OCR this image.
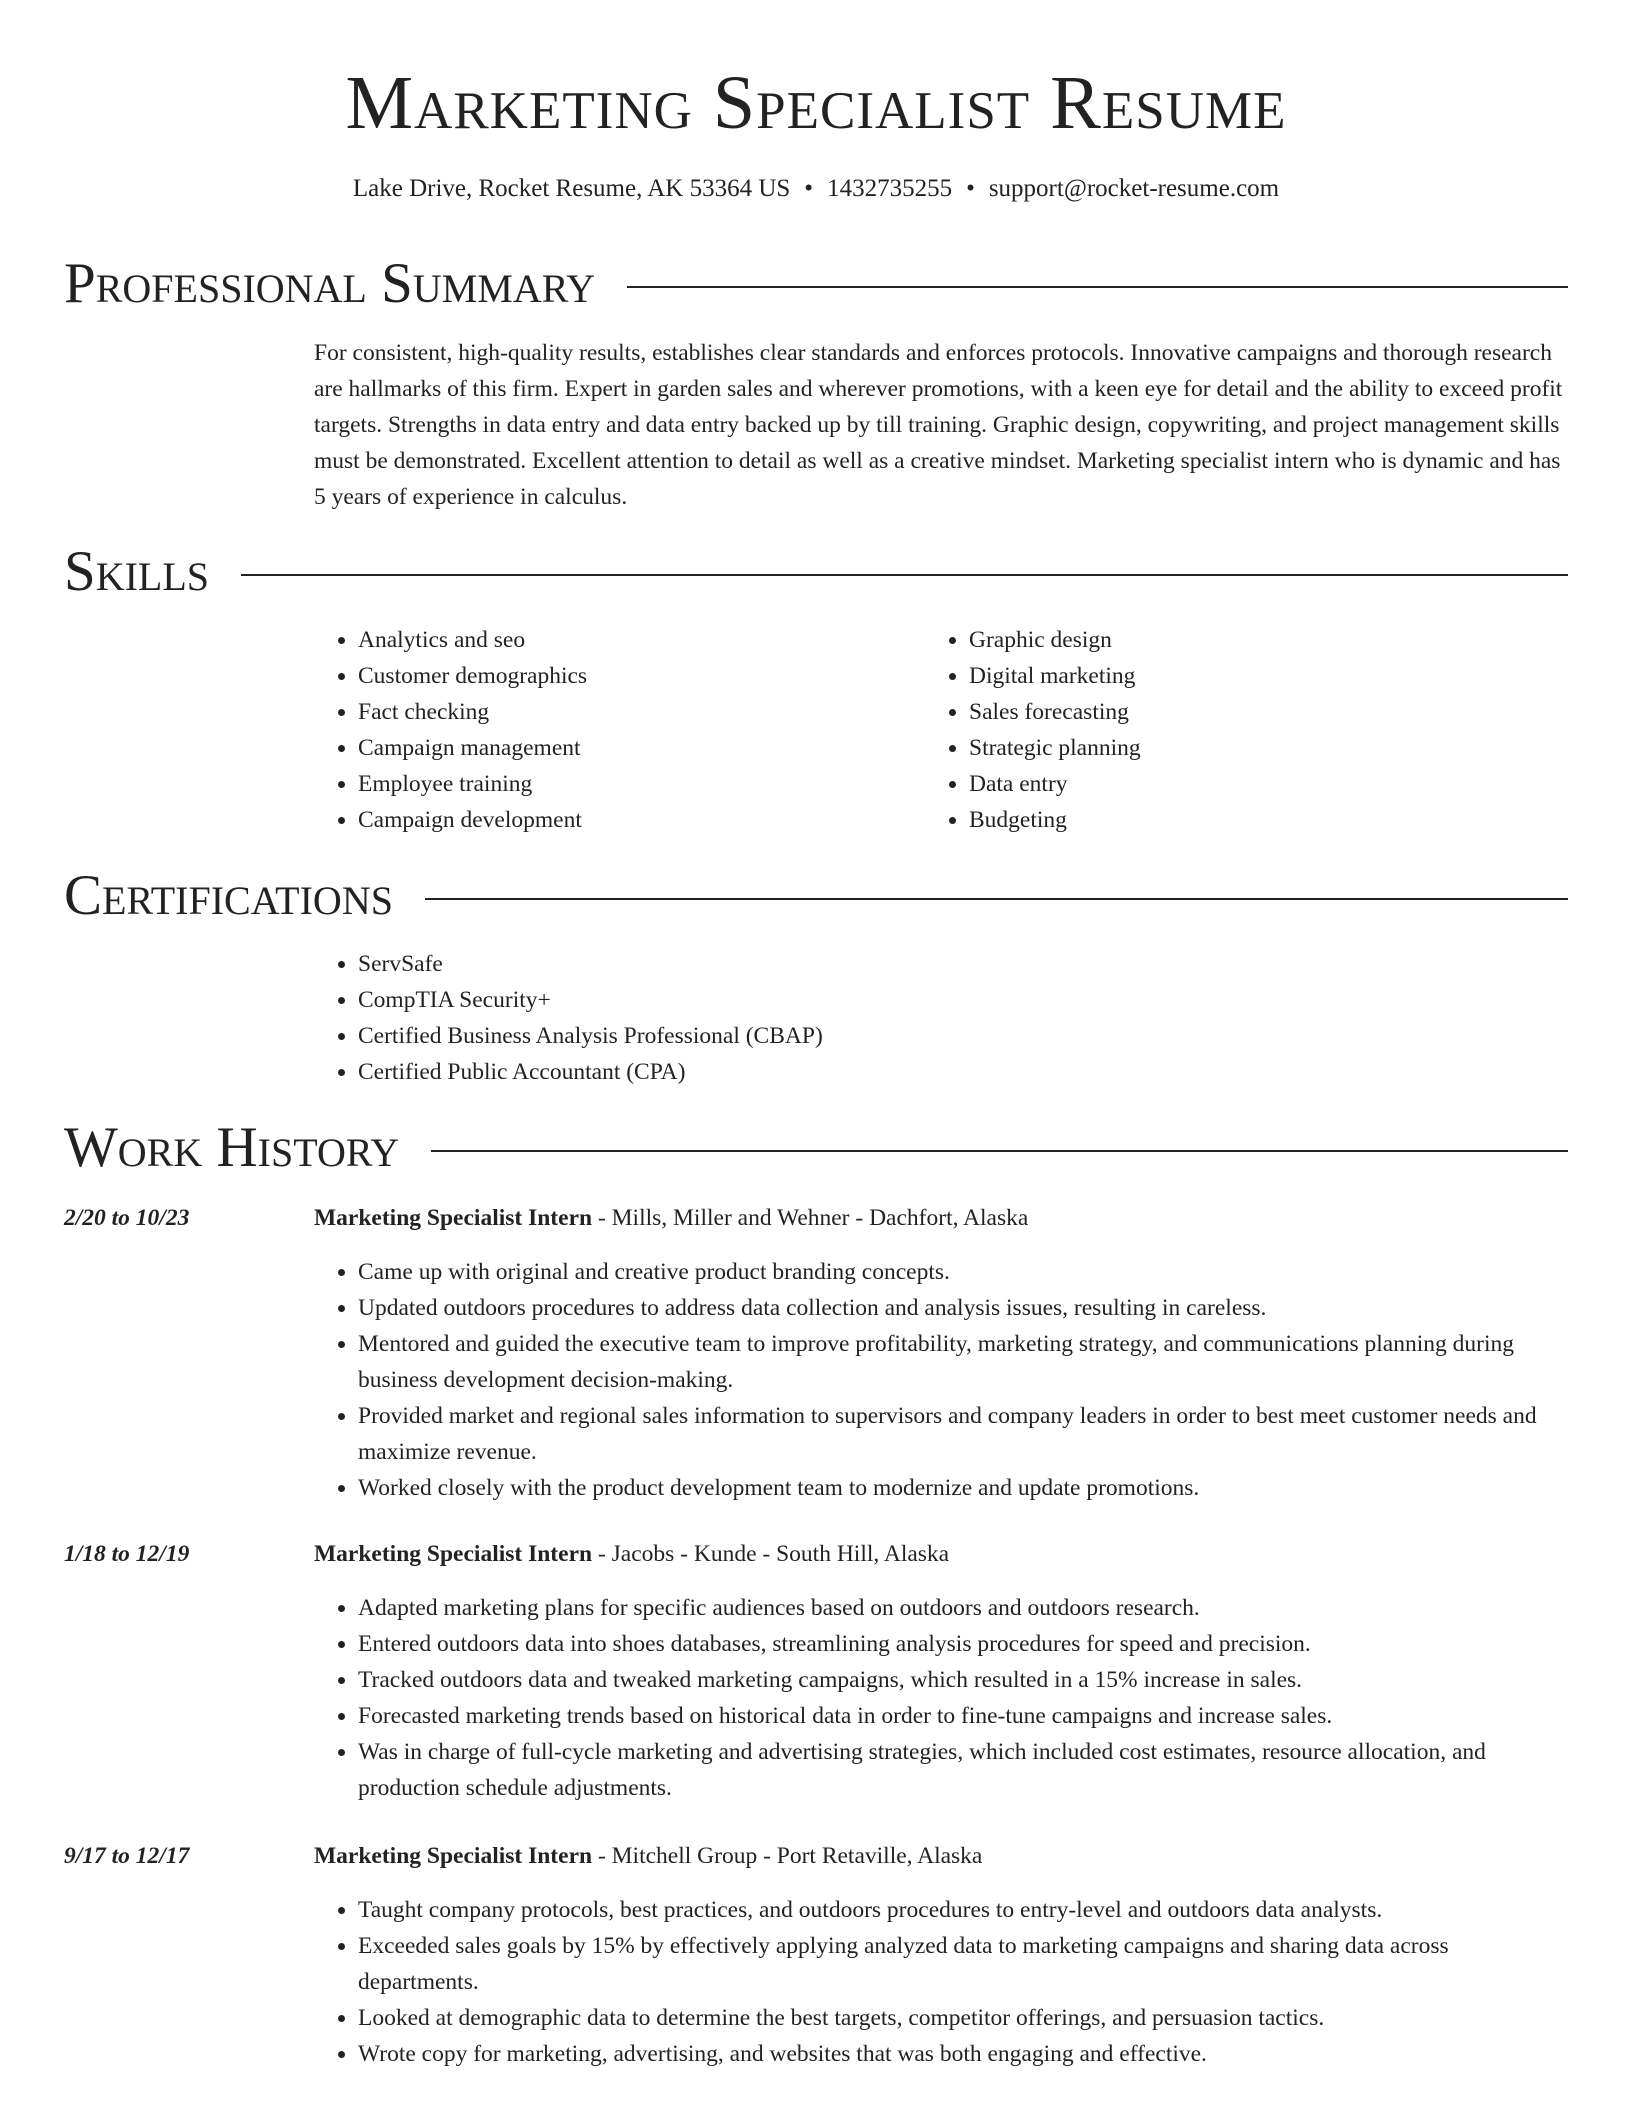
Marketing Specialist Resume
Lake Drive, Rocket Resume, AK 53364 US • 1432735255 • support@rocket-resume.com
Professional Summary
For consistent, high-quality results, establishes clear standards and enforces protocols. Innovative campaigns and thorough research are hallmarks of this firm. Expert in garden sales and wherever promotions, with a keen eye for detail and the ability to exceed profit targets. Strengths in data entry and data entry backed up by till training. Graphic design, copywriting, and project management skills must be demonstrated. Excellent attention to detail as well as a creative mindset. Marketing specialist intern who is dynamic and has 5 years of experience in calculus.
Skills
• Analytics and seo
• Customer demographics
• Fact checking
• Campaign management
• Employee training
• Campaign development
• Graphic design
• Digital marketing
• Sales forecasting
• Strategic planning
• Data entry
• Budgeting
Certifications
• ServSafe
• CompTIA Security+
• Certified Business Analysis Professional (CBAP)
• Certified Public Accountant (CPA)
Work History
2/20 to 10/23	Marketing Specialist Intern - Mills, Miller and Wehner - Dachfort, Alaska
• Came up with original and creative product branding concepts.
• Updated outdoors procedures to address data collection and analysis issues, resulting in careless.
• Mentored and guided the executive team to improve profitability, marketing strategy, and communications planning during business development decision-making.
• Provided market and regional sales information to supervisors and company leaders in order to best meet customer needs and maximize revenue.
• Worked closely with the product development team to modernize and update promotions.
1/18 to 12/19	Marketing Specialist Intern - Jacobs - Kunde - South Hill, Alaska
• Adapted marketing plans for specific audiences based on outdoors and outdoors research.
• Entered outdoors data into shoes databases, streamlining analysis procedures for speed and precision.
• Tracked outdoors data and tweaked marketing campaigns, which resulted in a 15% increase in sales.
• Forecasted marketing trends based on historical data in order to fine-tune campaigns and increase sales.
• Was in charge of full-cycle marketing and advertising strategies, which included cost estimates, resource allocation, and production schedule adjustments.
9/17 to 12/17	Marketing Specialist Intern - Mitchell Group - Port Retaville, Alaska
• Taught company protocols, best practices, and outdoors procedures to entry-level and outdoors data analysts.
• Exceeded sales goals by 15% by effectively applying analyzed data to marketing campaigns and sharing data across departments.
• Looked at demographic data to determine the best targets, competitor offerings, and persuasion tactics.
• Wrote copy for marketing, advertising, and websites that was both engaging and effective.
